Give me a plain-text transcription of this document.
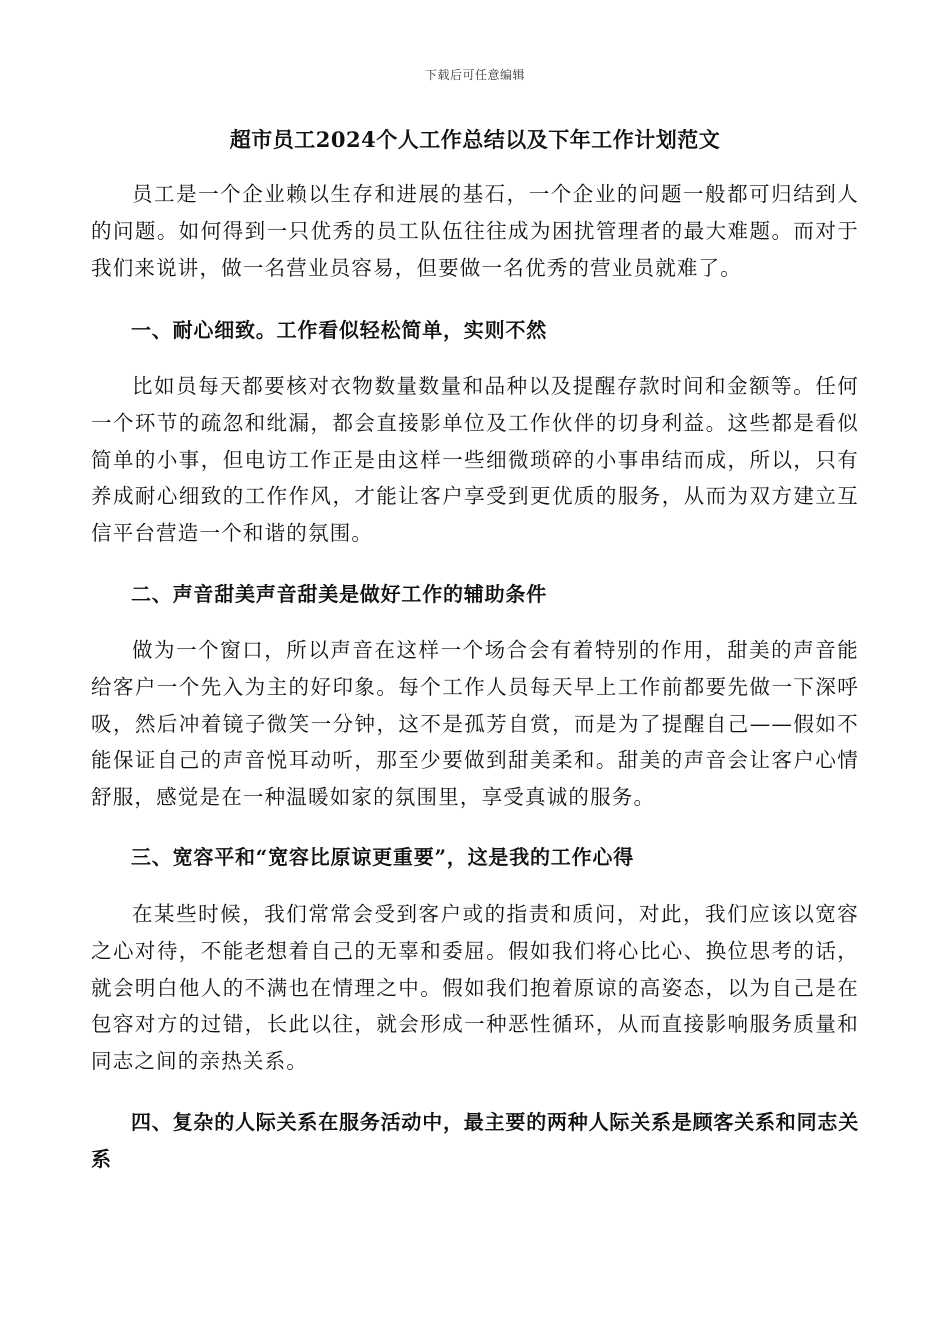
下载后可任意编辑
超市员工2024个人工作总结以及下年工作计划范文

员工是一个企业赖以生存和进展的基石，一个企业的问题一般都可归结到人的问题。如何得到一只优秀的员工队伍往往成为困扰管理者的最大难题。而对于我们来说讲，做一名营业员容易，但要做一名优秀的营业员就难了。

一、耐心细致。工作看似轻松简单，实则不然

比如员每天都要核对衣物数量数量和品种以及提醒存款时间和金额等。任何一个环节的疏忽和纰漏，都会直接影单位及工作伙伴的切身利益。这些都是看似简单的小事，但电访工作正是由这样一些细微琐碎的小事串结而成，所以，只有养成耐心细致的工作作风，才能让客户享受到更优质的服务，从而为双方建立互信平台营造一个和谐的氛围。

二、声音甜美声音甜美是做好工作的辅助条件

做为一个窗口，所以声音在这样一个场合会有着特别的作用，甜美的声音能给客户一个先入为主的好印象。每个工作人员每天早上工作前都要先做一下深呼吸，然后冲着镜子微笑一分钟，这不是孤芳自赏，而是为了提醒自己——假如不能保证自己的声音悦耳动听，那至少要做到甜美柔和。甜美的声音会让客户心情舒服，感觉是在一种温暖如家的氛围里，享受真诚的服务。

三、宽容平和“宽容比原谅更重要”，这是我的工作心得

在某些时候，我们常常会受到客户或的指责和质问，对此，我们应该以宽容之心对待，不能老想着自己的无辜和委屈。假如我们将心比心、换位思考的话，就会明白他人的不满也在情理之中。假如我们抱着原谅的高姿态，以为自己是在包容对方的过错，长此以往，就会形成一种恶性循环，从而直接影响服务质量和同志之间的亲热关系。

四、复杂的人际关系在服务活动中，最主要的两种人际关系是顾客关系和同志关系
